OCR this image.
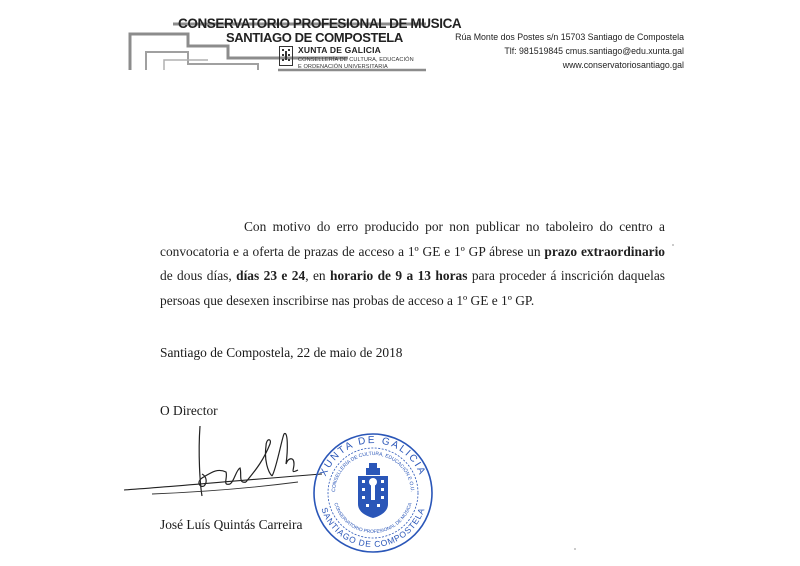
CONSERVATORIO PROFESIONAL DE MUSICA
SANTIAGO DE COMPOSTELA
XUNTA DE GALICIA
CONSELLERÍA DE CULTURA, EDUCACIÓN
E ORDENACIÓN UNIVERSITARIA
Rúa Monte dos Postes s/n 15703 Santiago de Compostela
Tlf: 981519845 cmus.santiago@edu.xunta.gal
www.conservatoriosantiago.gal
Con motivo do erro producido por non publicar no taboleiro do centro a convocatoria e a oferta de prazas de acceso a 1º GE e 1º GP ábrese un prazo extraordinario de dous días, días 23 e 24, en horario de 9 a 13 horas para proceder á inscrición daquelas persoas que desexen inscribirse nas probas de acceso a 1º GE e 1º GP.
Santiago de Compostela, 22 de maio de 2018
O Director
XUNTA DE GALICIA
CONSELLERÍA DE CULTURA, EDUCACIÓN E O.U.
CONSERVATORIO PROFESIONAL DE MÚSICA
SANTIAGO DE COMPOSTELA
José Luís Quintás Carreira
